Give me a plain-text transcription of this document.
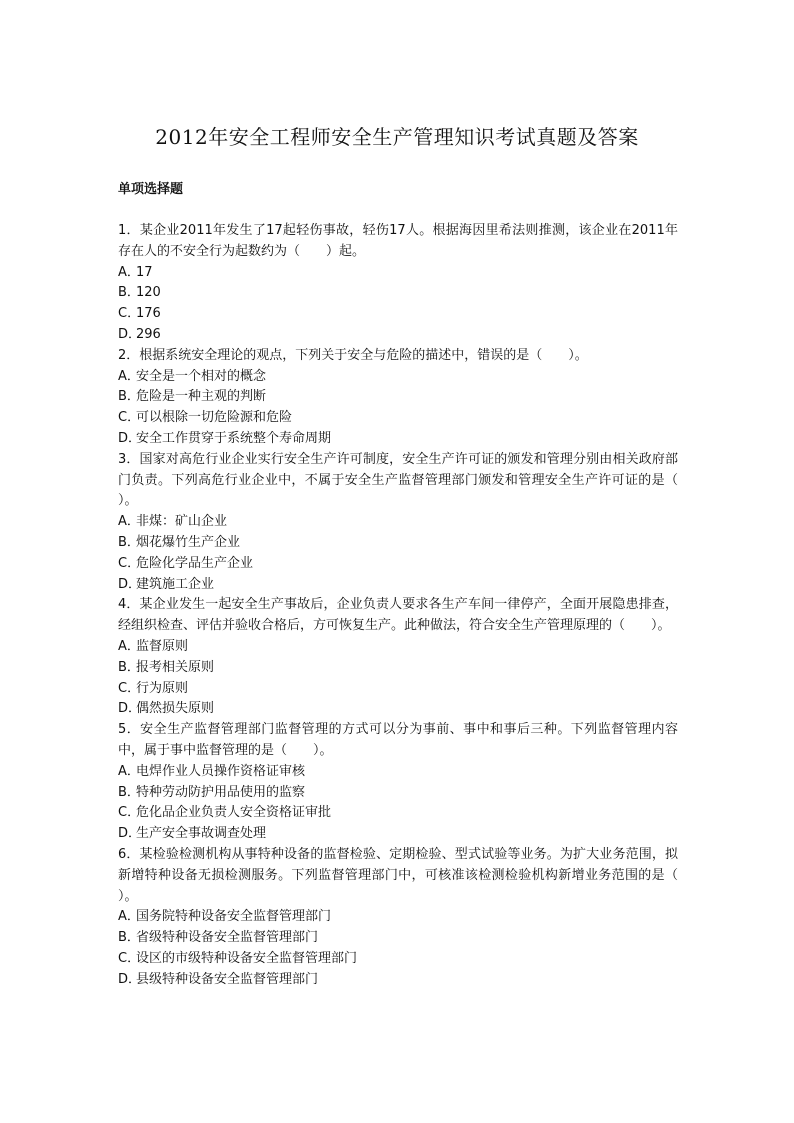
2012年安全工程师安全生产管理知识考试真题及答案
单项选择题

1．某企业2011年发生了17起轻伤事故，轻伤17人。根据海因里希法则推测，该企业在2011年存在人的不安全行为起数约为（　　）起。

A．17

B．120

C．176

D．296

2．根据系统安全理论的观点，下列关于安全与危险的描述中，错误的是（　　）。

A．安全是一个相对的概念

B．危险是一种主观的判断

C．可以根除一切危险源和危险

D．安全工作贯穿于系统整个寿命周期

3．国家对高危行业企业实行安全生产许可制度，安全生产许可证的颁发和管理分别由相关政府部门负责。下列高危行业企业中，不属于安全生产监督管理部门颁发和管理安全生产许可证的是（　　）。

A．非煤：矿山企业

B．烟花爆竹生产企业

C．危险化学品生产企业

D．建筑施工企业

4．某企业发生一起安全生产事故后，企业负责人要求各生产车间一律停产，全面开展隐患排查，经组织检查、评估并验收合格后，方可恢复生产。此种做法，符合安全生产管理原理的（　　）。

A．监督原则

B．报考相关原则

C．行为原则

D．偶然损失原则

5．安全生产监督管理部门监督管理的方式可以分为事前、事中和事后三种。下列监督管理内容中，属于事中监督管理的是（　　）。

A．电焊作业人员操作资格证审核

B．特种劳动防护用品使用的监察

C．危化品企业负责人安全资格证审批

D．生产安全事故调查处理

6．某检验检测机构从事特种设备的监督检验、定期检验、型式试验等业务。为扩大业务范围，拟新增特种设备无损检测服务。下列监督管理部门中，可核准该检测检验机构新增业务范围的是（　　）。

A．国务院特种设备安全监督管理部门

B．省级特种设备安全监督管理部门

C．设区的市级特种设备安全监督管理部门

D．县级特种设备安全监督管理部门
